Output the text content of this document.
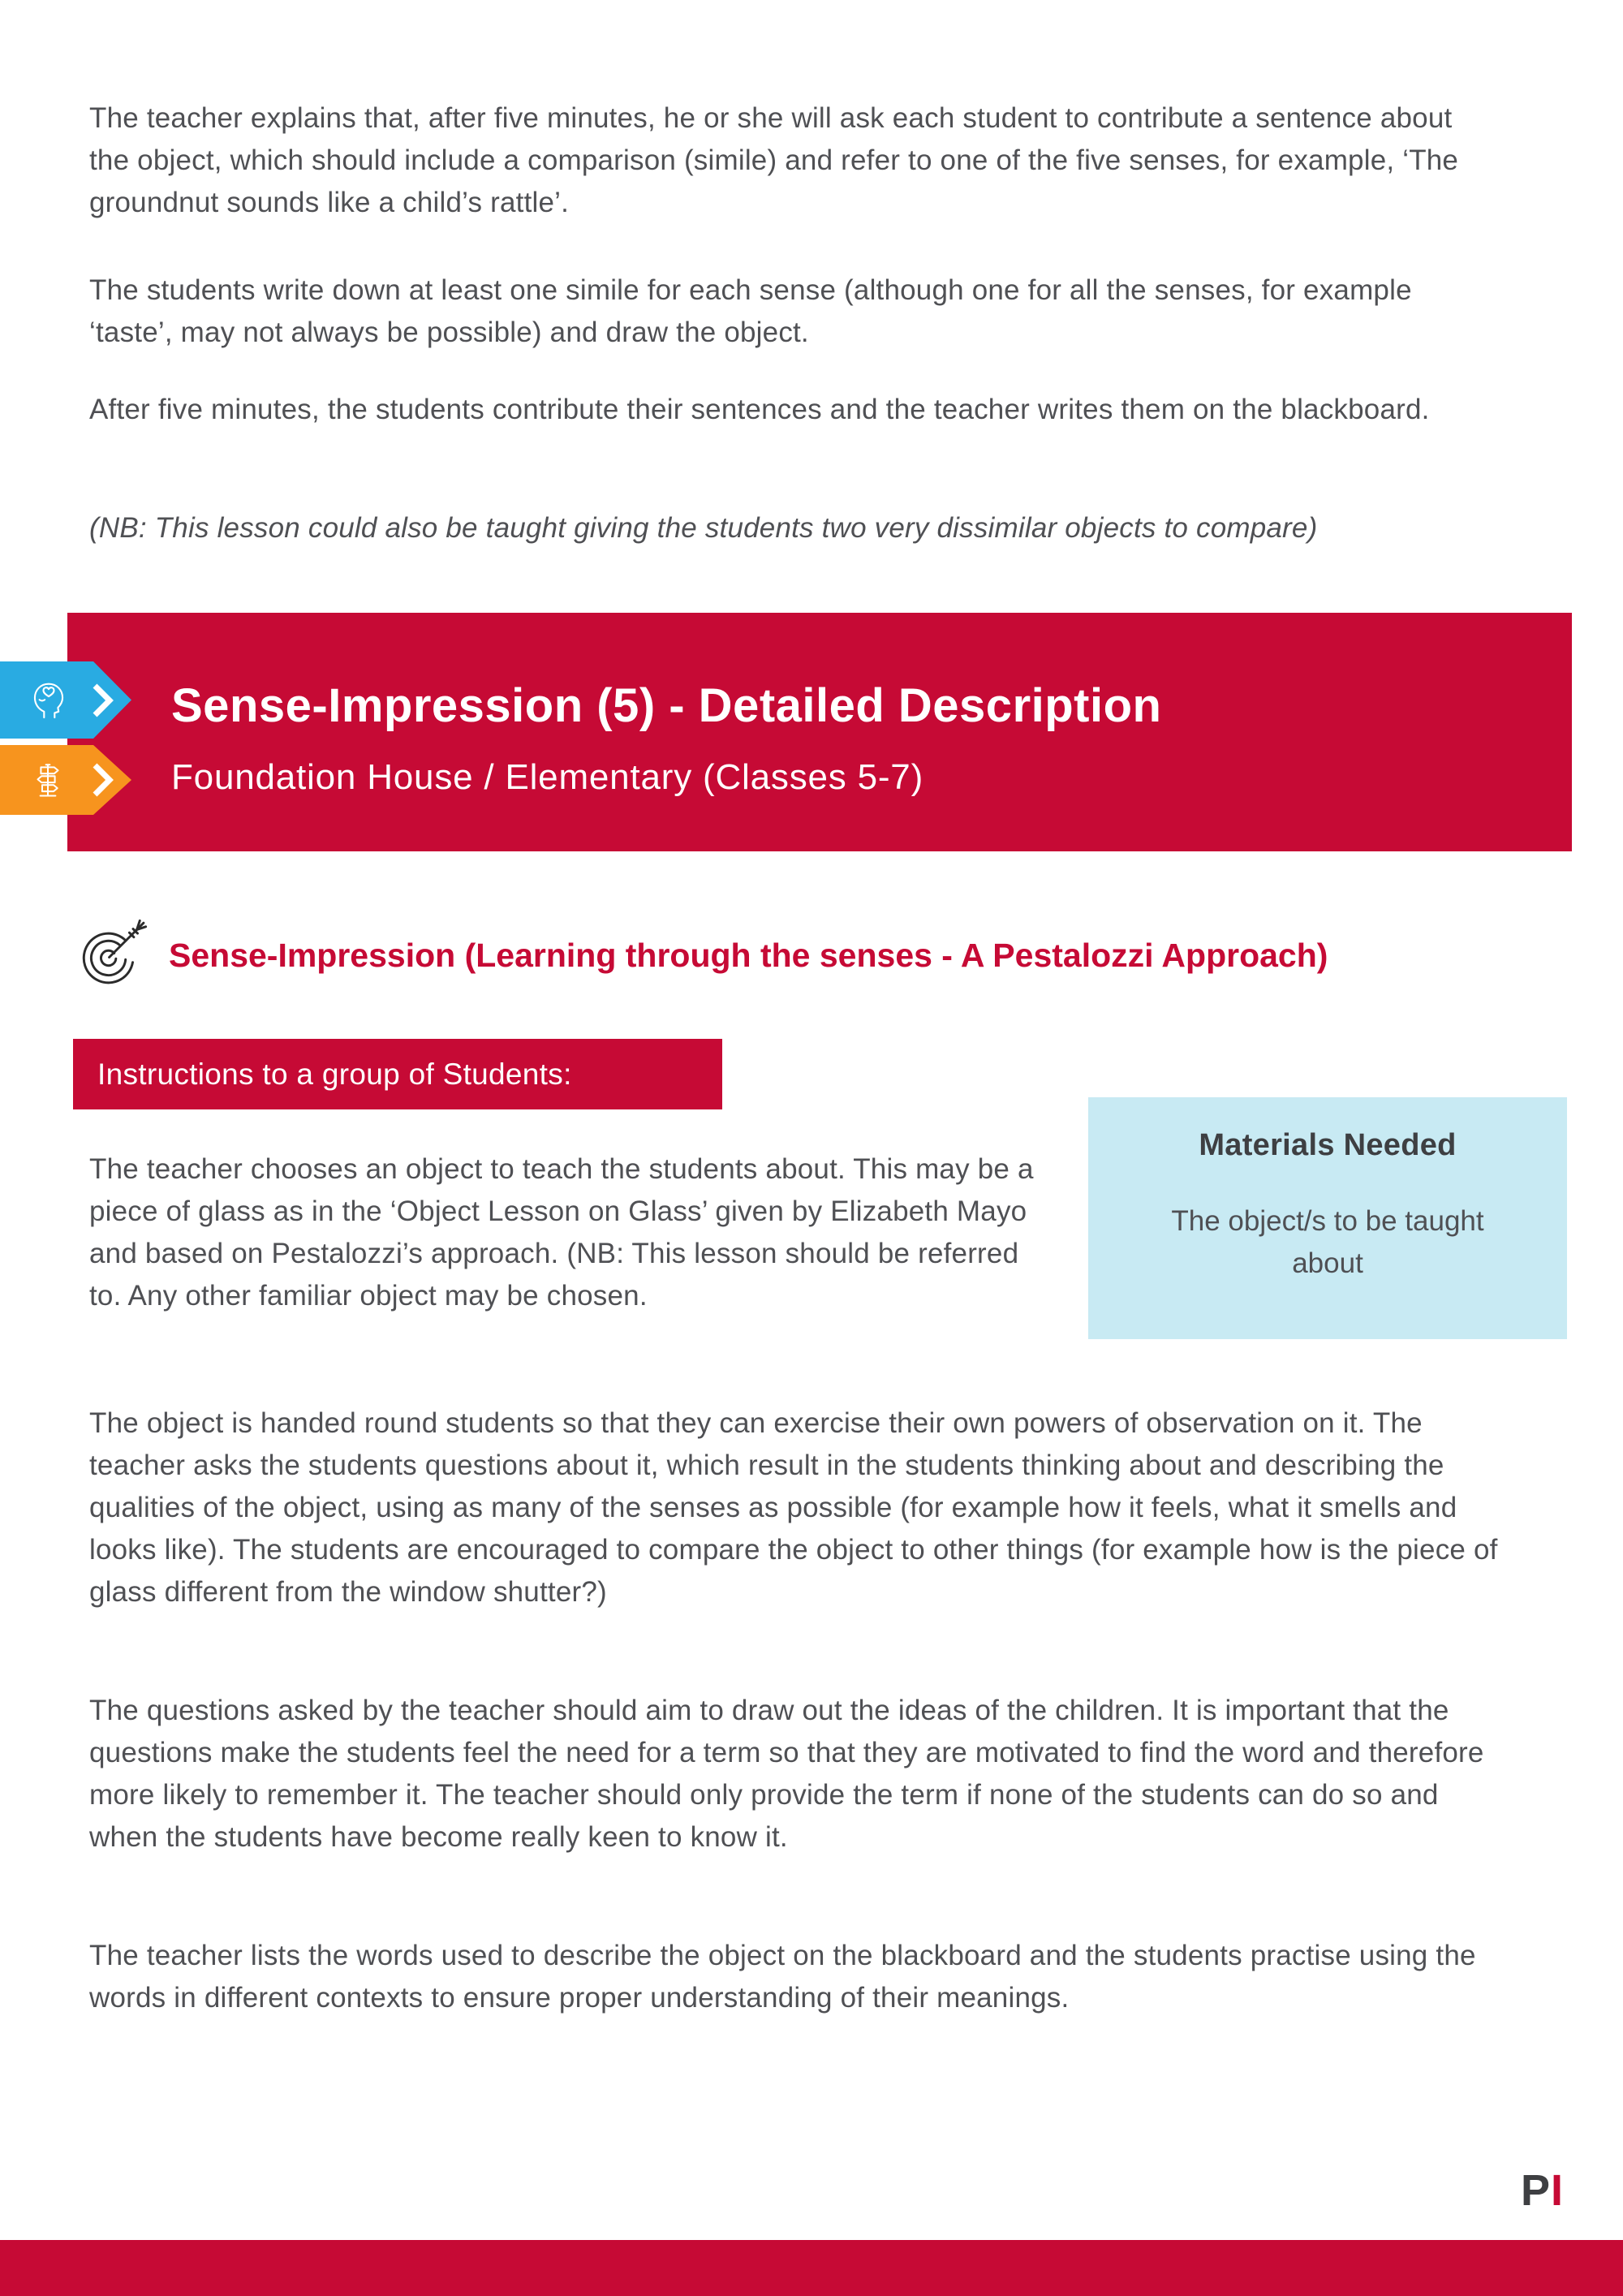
The teacher explains that, after five minutes, he or she will ask each student to contribute a sentence about the object, which should include a comparison (simile) and refer to one of the five senses, for example, ‘The groundnut sounds like a child’s rattle’.

The students write down at least one simile for each sense (although one for all the senses, for example ‘taste’, may not always be possible) and draw the object.

After five minutes, the students contribute their sentences and the teacher writes them on the blackboard.

(NB: This lesson could also be taught giving the students two very dissimilar objects to compare)

Sense-Impression (5) - Detailed Description

Foundation House / Elementary (Classes 5-7)

Sense-Impression (Learning through the senses - A Pestalozzi Approach)

Instructions to a group of Students:

Materials Needed

The object/s to be taught about

The teacher chooses an object to teach the students about. This may be a piece of glass as in the ‘Object Lesson on Glass’ given by Elizabeth Mayo and based on Pestalozzi’s approach. (NB: This lesson should be referred to. Any other familiar object may be chosen.

The object is handed round students so that they can exercise their own powers of observation on it. The teacher asks the students questions about it, which result in the students thinking about and describing the qualities of the object, using as many of the senses as possible (for example how it feels, what it smells and looks like). The students are encouraged to compare the object to other things (for example how is the piece of glass different from the window shutter?)

The questions asked by the teacher should aim to draw out the ideas of the children. It is important that the questions make the students feel the need for a term so that they are motivated to find the word and therefore more likely to remember it. The teacher should only provide the term if none of the students can do so and when the students have become really keen to know it.

The teacher lists the words used to describe the object on the blackboard and the students practise using the words in different contexts to ensure proper understanding of their meanings.

PI
